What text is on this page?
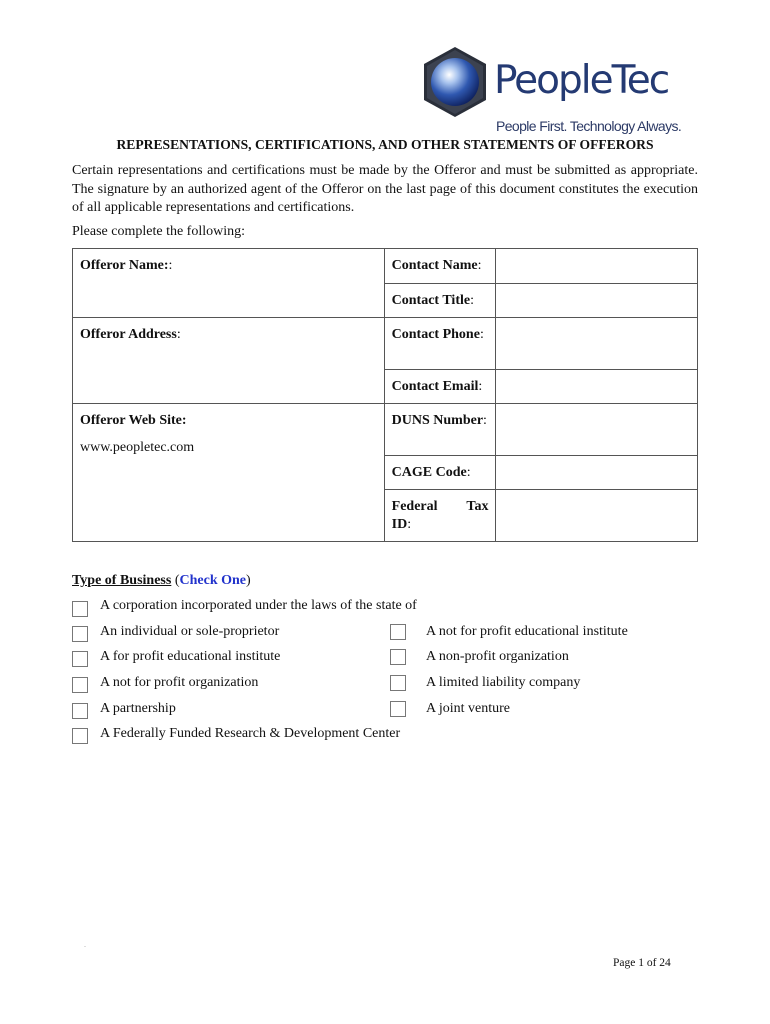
PeopleTec
People First. Technology Always.
REPRESENTATIONS, CERTIFICATIONS, AND OTHER STATEMENTS OF OFFERORS

Certain representations and certifications must be made by the Offeror and must be submitted as appropriate. The signature by an authorized agent of the Offeror on the last page of this document constitutes the execution of all applicable representations and certifications.

Please complete the following:
Offeror Name::	Contact Name:	
	Contact Title:	
Offeror Address:	Contact Phone:	
	Contact Email:	

Offeror Web Site:
www.peopletec.com	DUNS Number:	
	CAGE Code:	

	Federal Tax
ID:	
Type of Business (Check One)
A corporation incorporated under the laws of the state of
An individual or sole-proprietor	A not for profit educational institute
A for profit educational institute	A non-profit organization
A not for profit organization	A limited liability company
A partnership	A joint venture
A Federally Funded Research & Development Center
.
Page 1 of 24
